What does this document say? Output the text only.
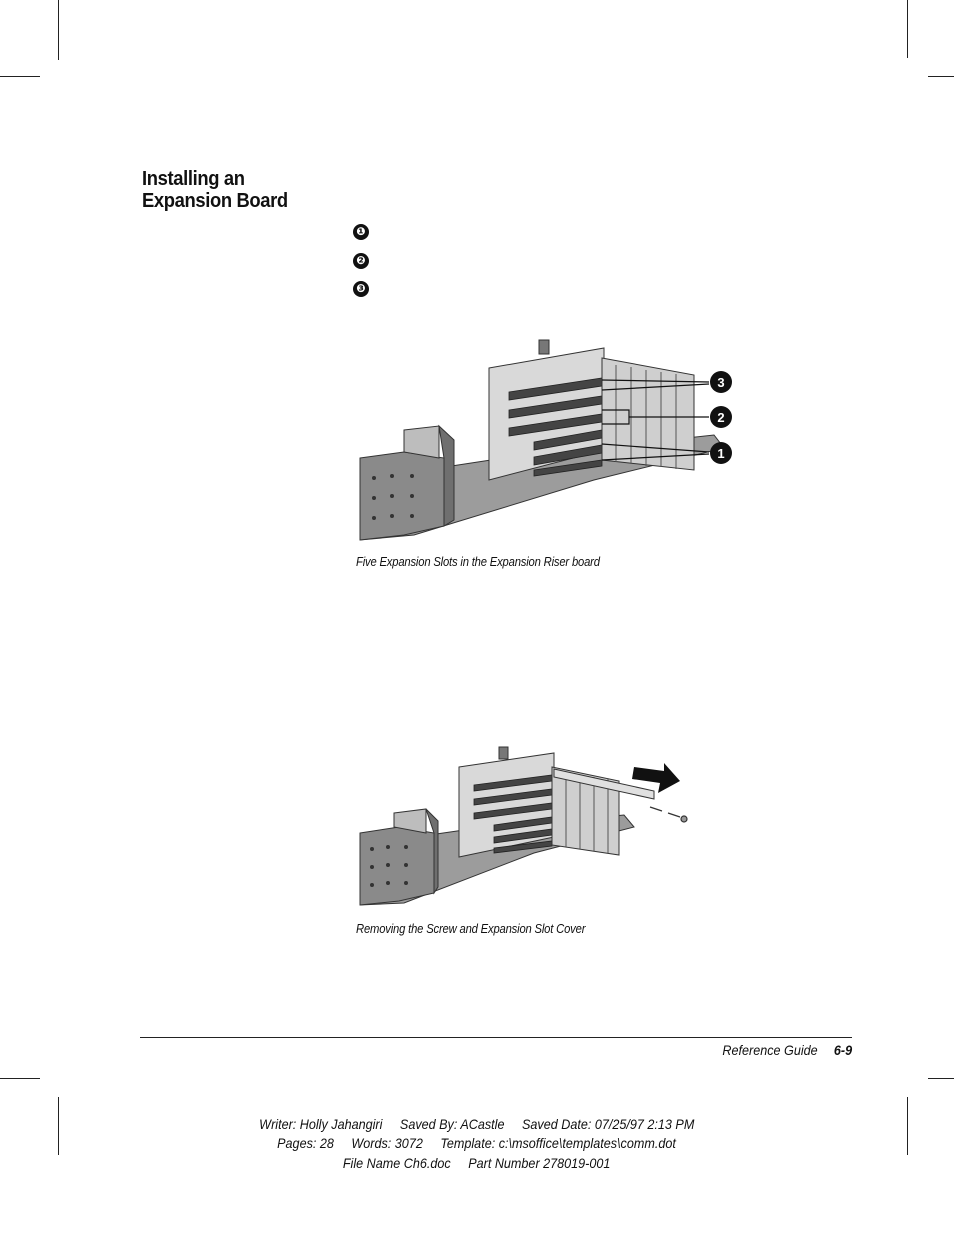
Installing an
Expansion Board
❶
❷
❸
3
2
1
Five Expansion Slots in the Expansion Riser board
Removing the Screw and Expansion Slot Cover
Reference Guide 6-9
Writer: Holly Jahangiri     Saved By: ACastle     Saved Date: 07/25/97 2:13 PM
Pages: 28     Words: 3072     Template: c:\msoffice\templates\comm.dot
File Name Ch6.doc     Part Number 278019-001
